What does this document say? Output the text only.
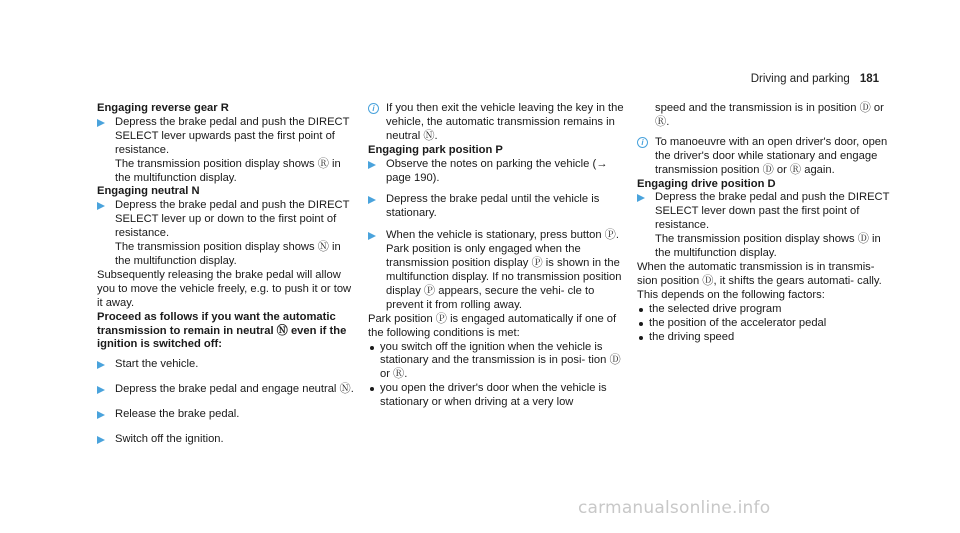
Driving and parking 181

Engaging reverse gear R

Depress the brake pedal and push the DIRECT SELECT lever upwards past the first point of resistance.

The transmission position display shows Ⓡ in the multifunction display.

Engaging neutral N

Depress the brake pedal and push the DIRECT SELECT lever up or down to the first point of resistance.

The transmission position display shows Ⓝ in the multifunction display.

Subsequently releasing the brake pedal will allow you to move the vehicle freely, e.g. to push it or tow it away.

Proceed as follows if you want the automatic transmission to remain in neutral Ⓝ even if the ignition is switched off:

Start the vehicle.

Depress the brake pedal and engage neutral Ⓝ.

Release the brake pedal.

Switch off the ignition.

i	If you then exit the vehicle leaving the key in the vehicle, the automatic transmission remains in neutral Ⓝ.

Engaging park position P

Observe the notes on parking the vehicle (→ page 190).

Depress the brake pedal until the vehicle is stationary.

When the vehicle is stationary, press button Ⓟ.

Park position is only engaged when the transmission position display Ⓟ is shown in the multifunction display. If no transmission position display Ⓟ appears, secure the vehi- cle to prevent it from rolling away.

Park position Ⓟ is engaged automatically if one of the following conditions is met:

you switch off the ignition when the vehicle is stationary and the transmission is in posi- tion Ⓓ or Ⓡ.
you open the driver's door when the vehicle is stationary or when driving at a very low

speed and the transmission is in position Ⓓ or Ⓡ.

i	To manoeuvre with an open driver's door, open the driver's door while stationary and engage transmission position Ⓓ or Ⓡ again.

Engaging drive position D

Depress the brake pedal and push the DIRECT SELECT lever down past the first point of resistance.

The transmission position display shows Ⓓ in the multifunction display.

When the automatic transmission is in transmis- sion position Ⓓ, it shifts the gears automati- cally. This depends on the following factors:

the selected drive program
the position of the accelerator pedal
the driving speed
carmanualsonline.info
